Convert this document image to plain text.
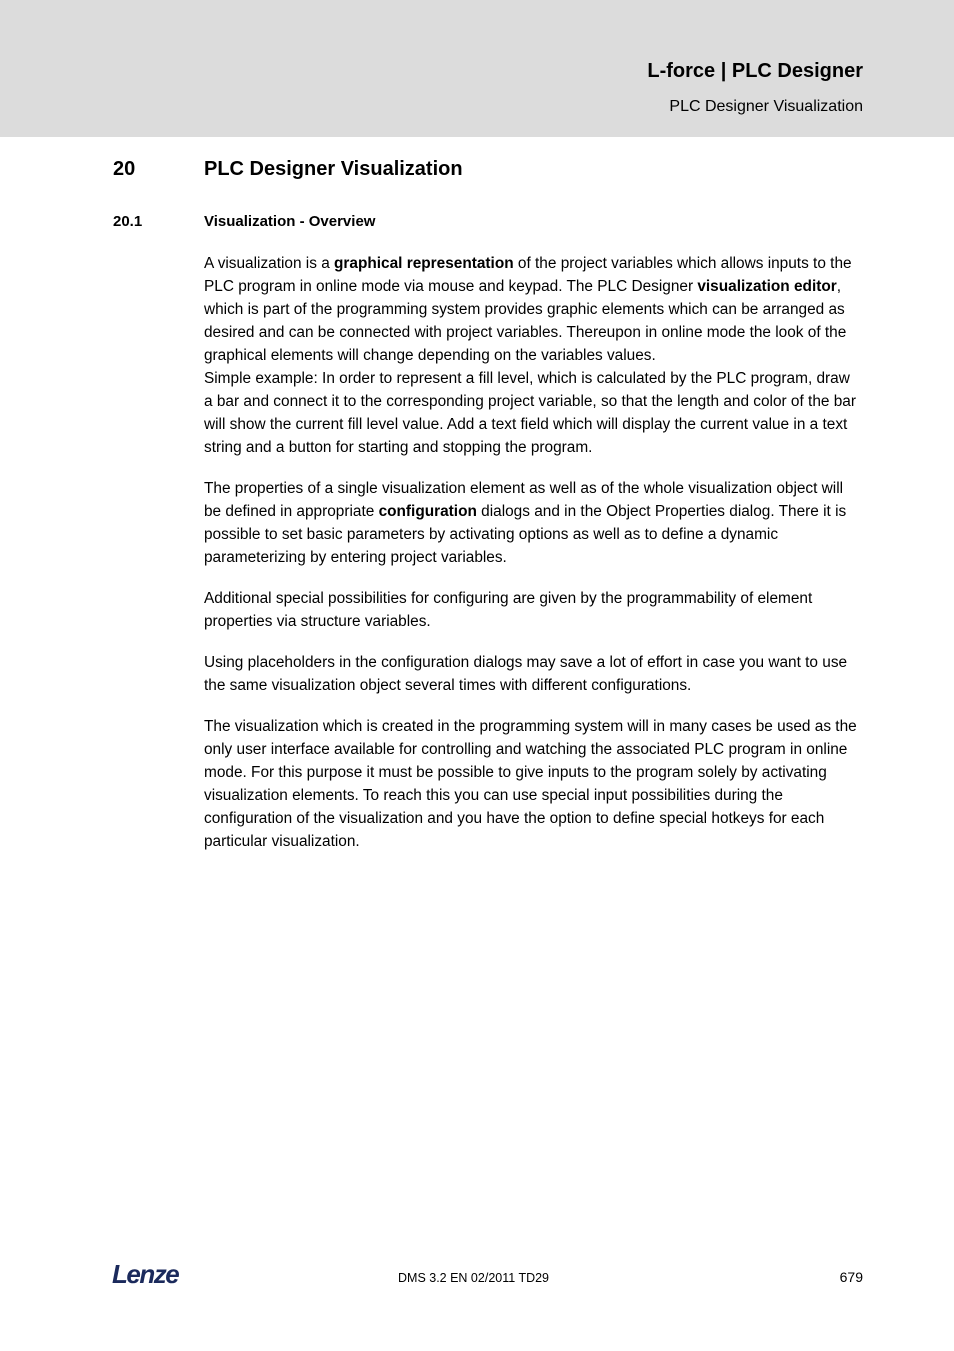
L-force | PLC Designer
PLC Designer Visualization
20	PLC Designer Visualization
20.1	Visualization - Overview

A visualization is a graphical representation of the project variables which allows inputs to the PLC program in online mode via mouse and keypad. The PLC Designer visualization editor, which is part of the programming system provides graphic elements which can be arranged as desired and can be connected with project variables. Thereupon in online mode the look of the graphical elements will change depending on the variables values.
Simple example: In order to represent a fill level, which is calculated by the PLC program, draw a bar and connect it to the corresponding project variable, so that the length and color of the bar will show the current fill level value. Add a text field which will display the current value in a text string and a button for starting and stopping the program.

The properties of a single visualization element as well as of the whole visualization object will be defined in appropriate configuration dialogs and in the Object Properties dialog. There it is possible to set basic parameters by activating options as well as to define a dynamic parameterizing by entering project variables.

Additional special possibilities for configuring are given by the programmability of element properties via structure variables.

Using placeholders in the configuration dialogs may save a lot of effort in case you want to use the same visualization object several times with different configurations.

The visualization which is created in the programming system will in many cases be used as the only user interface available for controlling and watching the associated PLC program in online mode. For this purpose it must be possible to give inputs to the program solely by activating visualization elements. To reach this you can use special input possibilities during the configuration of the visualization and you have the option to define special hotkeys for each particular visualization.

Lenze	DMS 3.2 EN 02/2011 TD29	679
